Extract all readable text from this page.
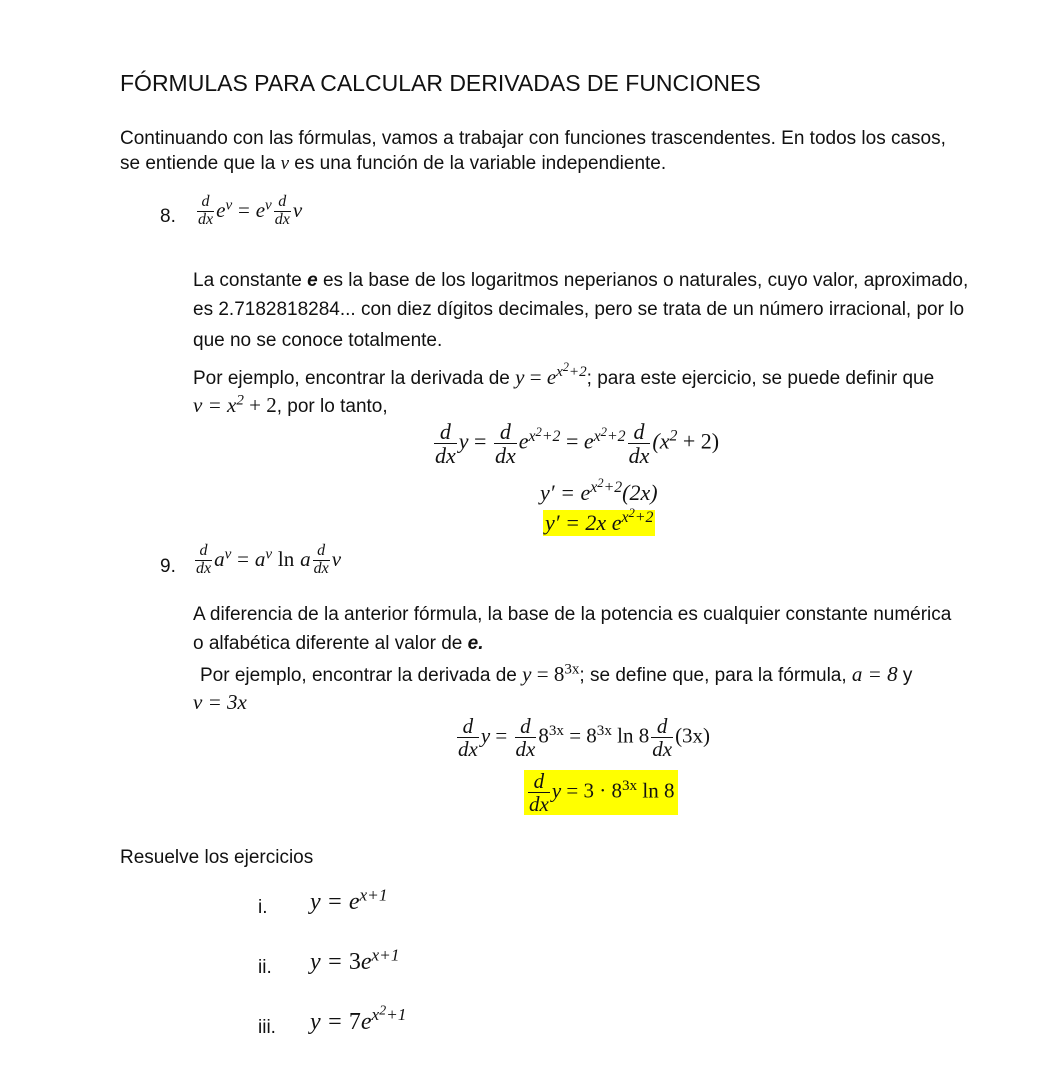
FÓRMULAS PARA CALCULAR DERIVADAS DE FUNCIONES
Continuando con las fórmulas, vamos a trabajar con funciones trascendentes. En todos los casos,
se entiende que la v es una función de la variable independiente.
8. $\frac{d}{dx} e^v = e^v \frac{d}{dx}$ v
La constante e es la base de los logaritmos neperianos o naturales, cuyo valor, aproximado,
es 2.7182818284... con diez dígitos decimales, pero se trata de un número irracional, por lo
que no se conoce totalmente.
Por ejemplo, encontrar la derivada de $y = e^{x^2+2}$; para este ejercicio, se puede definir que
$v = x^2 + 2$, por lo tanto,
$\frac{d}{dx}$ $y = \frac{d}{dx} e^{x^2+2} = e^{x^2+2} \frac{d}{dx} (x^2 + 2)$
$y' = e^{x^2+2}(2x)$
y′ = 2x $e^{x^2+2}$
9. $\frac{d}{dx} a^v = a^v$ ln a $\frac{d}{dx}$ v
A diferencia de la anterior fórmula, la base de la potencia es cualquier constante numérica
o alfabética diferente al valor de e.
Por ejemplo, encontrar la derivada de $y = 8^{3x}$; se define que, para la fórmula, a = 8 y
v = 3x
$\frac{d}{dx}$ $y = \frac{d}{dx} 8^{3x} = 8^{3x}$ $\ln 8 \frac{d}{dx} (3x)$
$\frac{d}{dx}$ $y = 3 \cdot 8^{3x}$ ln 8
Resuelve los ejercicios
i. $y = e^{x+1}$
ii. $y = 3e^{x+1}$
iii. $y = 7e^{x^2+1}$
